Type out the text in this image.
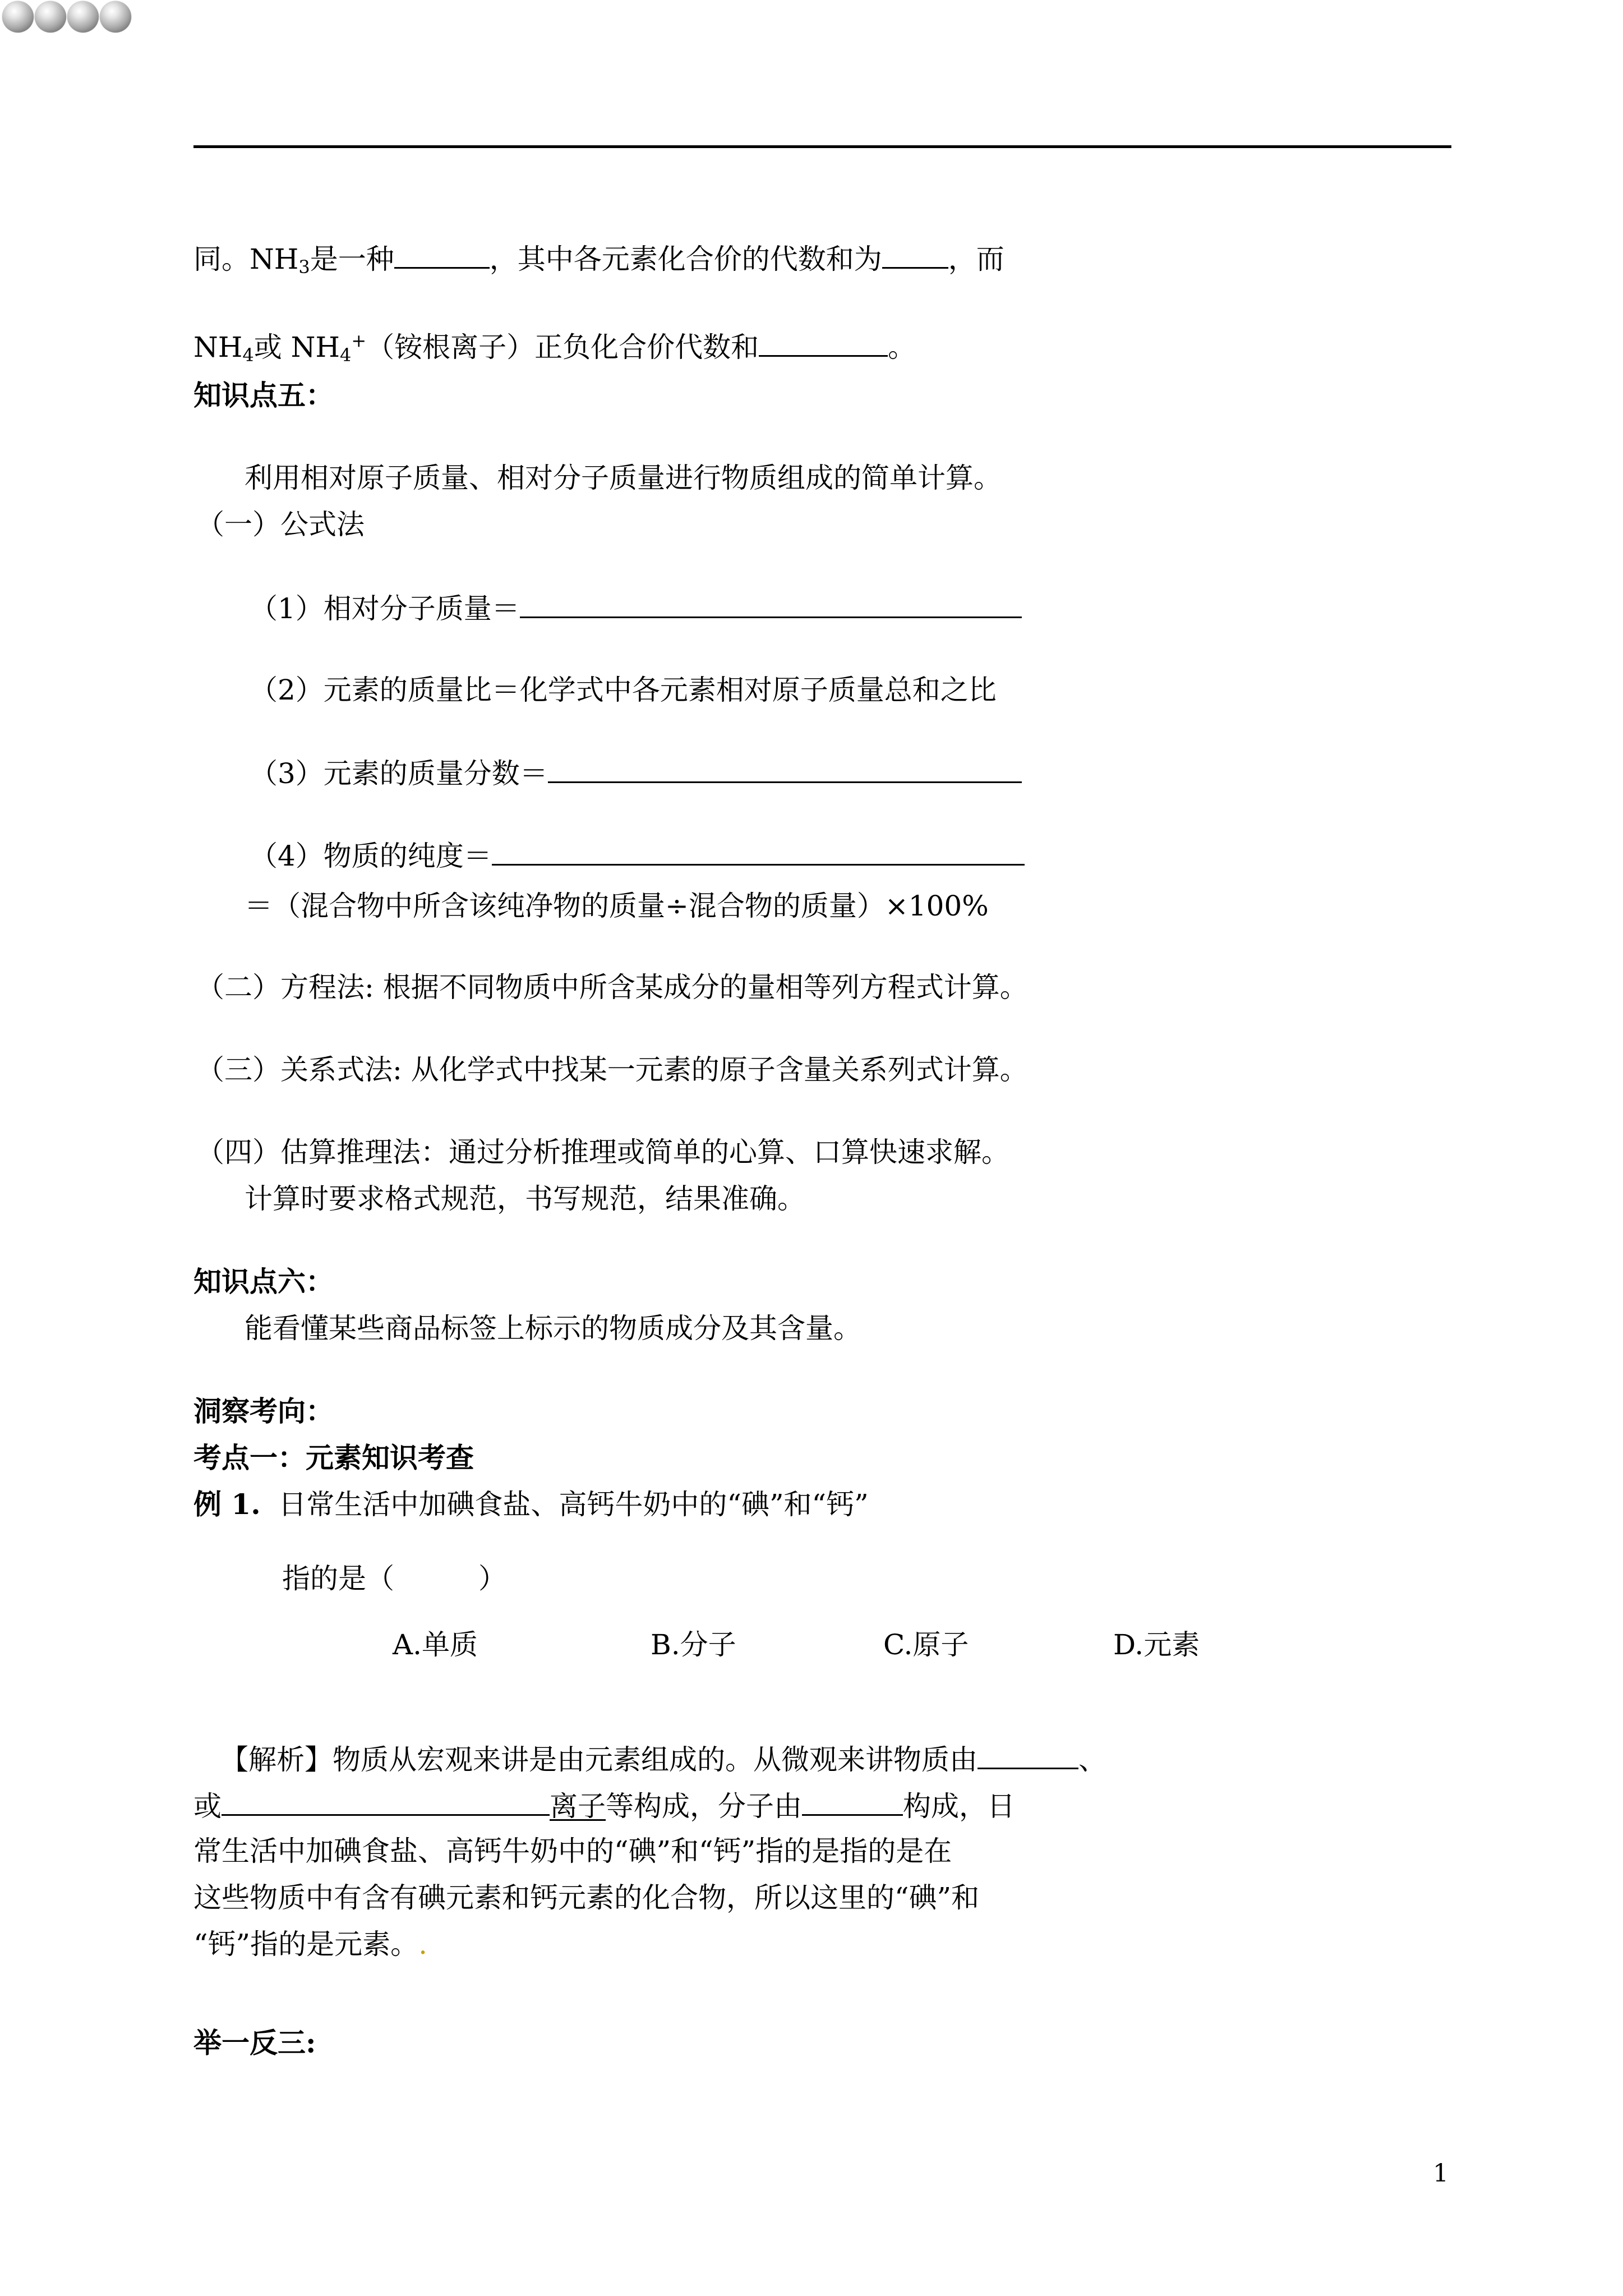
同。$NH_3$是一种	，其中各元素化合价的代数和为 ，而
$NH_4$或 $NH_4^+$（铵根离子）正负化合价代数和	。
知识点五：
利用相对原子质量、相对分子质量进行物质组成的简单计算。
（一）公式法
（1）相对分子质量＝
（2）元素的质量比＝化学式中各元素相对原子质量总和之比
（3）元素的质量分数＝
（4）物质的纯度＝
＝（混合物中所含该纯净物的质量÷混合物的质量）×100%
（二）方程法: 根据不同物质中所含某成分的量相等列方程式计算。
（三）关系式法: 从化学式中找某一元素的原子含量关系列式计算。
（四）估算推理法：通过分析推理或简单的心算、口算快速求解。
计算时要求格式规范，书写规范，结果准确。
知识点六：
能看懂某些商品标签上标示的物质成分及其含量。
洞察考向：
考点一：元素知识考查
例 1. 日常生活中加碘食盐、高钙牛奶中的“碘”和“钙”
指的是（　　　）
A.单质	B.分子	C.原子	D.元素
【解析】物质从宏观来讲是由元素组成的。从微观来讲物质由	、
或	离子等构成，分子由	构成，日
常生活中加碘食盐、高钙牛奶中的“碘”和“钙”指的是指的是在
这些物质中有含有碘元素和钙元素的化合物，所以这里的“碘”和
“钙”指的是元素。.
举一反三:
1
